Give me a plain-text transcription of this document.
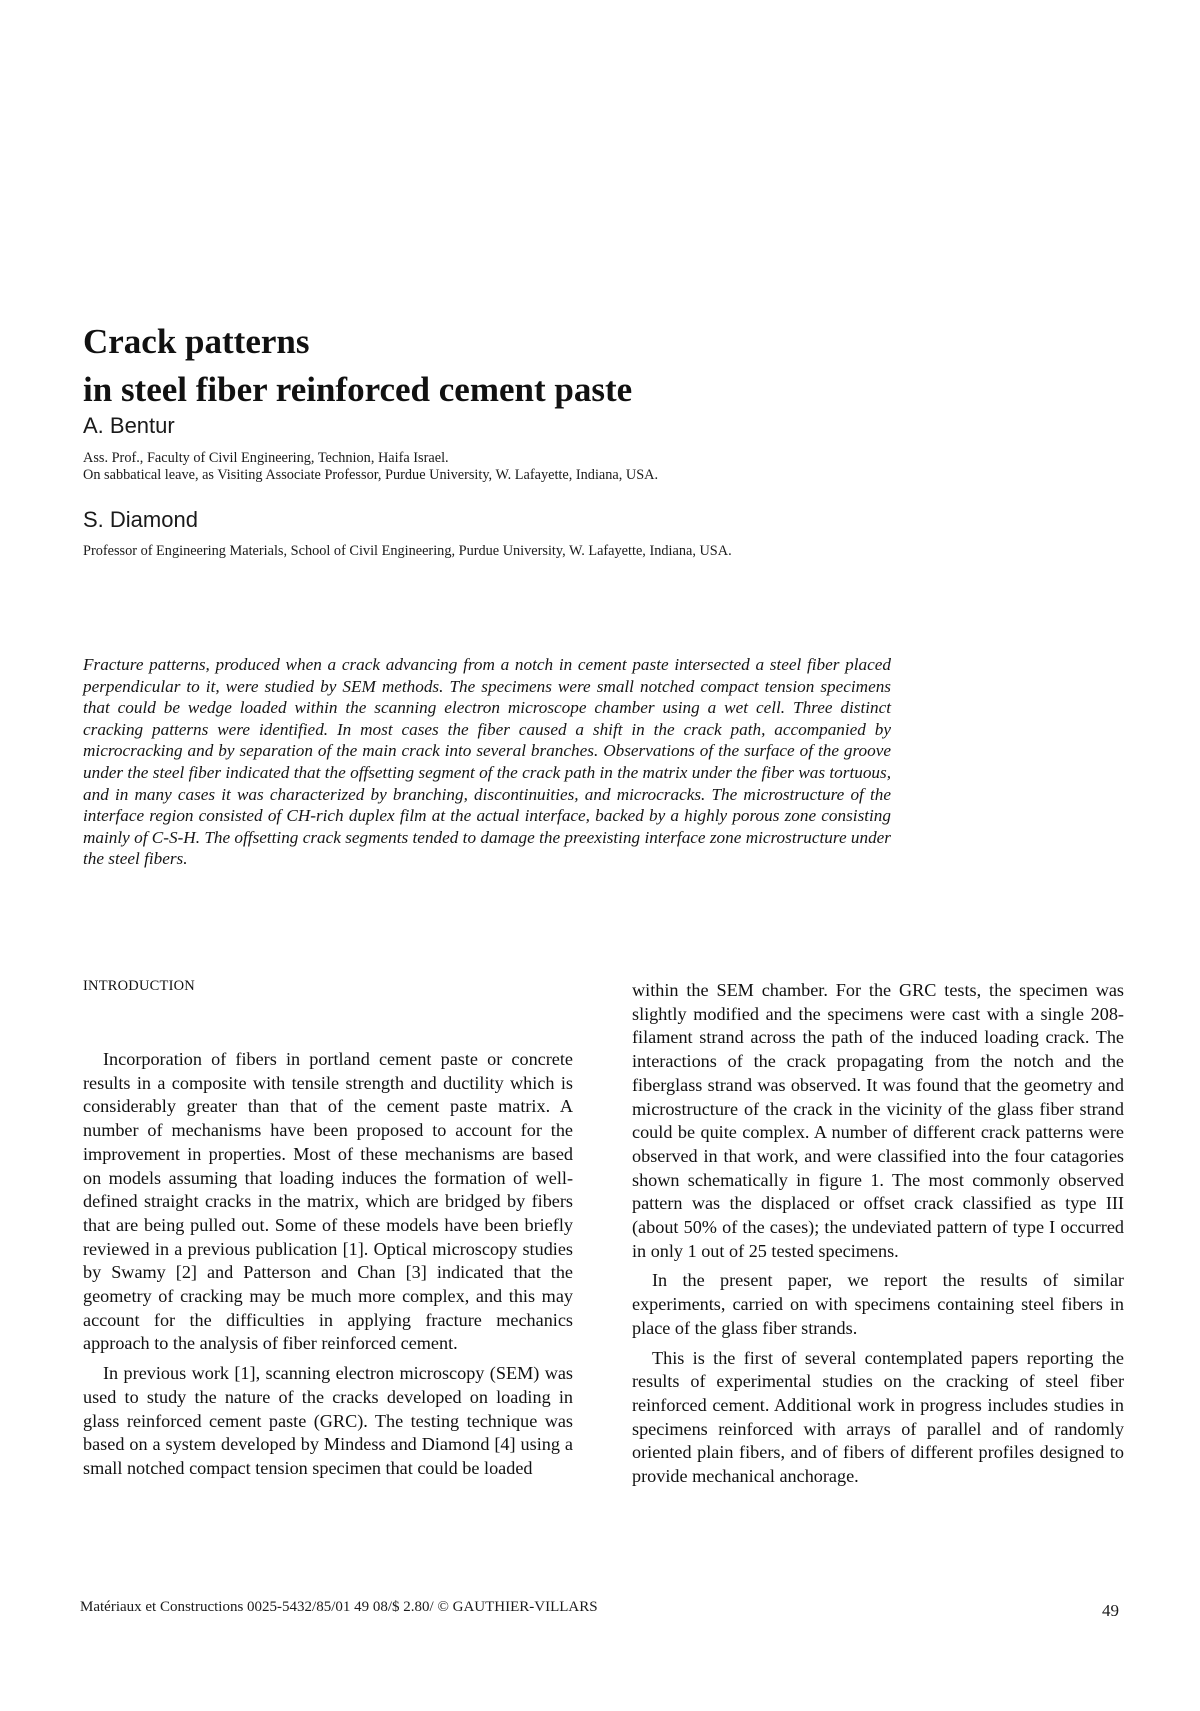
Crack patterns
in steel fiber reinforced cement paste
A. Bentur
Ass. Prof., Faculty of Civil Engineering, Technion, Haifa Israel.
On sabbatical leave, as Visiting Associate Professor, Purdue University, W. Lafayette, Indiana, USA.
S. Diamond
Professor of Engineering Materials, School of Civil Engineering, Purdue University, W. Lafayette, Indiana, USA.
Fracture patterns, produced when a crack advancing from a notch in cement paste intersected a steel fiber placed perpendicular to it, were studied by SEM methods. The specimens were small notched compact tension specimens that could be wedge loaded within the scanning electron microscope chamber using a wet cell. Three distinct cracking patterns were identified. In most cases the fiber caused a shift in the crack path, accompanied by microcracking and by separation of the main crack into several branches. Observations of the surface of the groove under the steel fiber indicated that the offsetting segment of the crack path in the matrix under the fiber was tortuous, and in many cases it was characterized by branching, discontinuities, and microcracks. The microstructure of the interface region consisted of CH-rich duplex film at the actual interface, backed by a highly porous zone consisting mainly of C-S-H. The offsetting crack segments tended to damage the preexisting interface zone microstructure under the steel fibers.
INTRODUCTION

Incorporation of fibers in portland cement paste or concrete results in a composite with tensile strength and ductility which is considerably greater than that of the cement paste matrix. A number of mechanisms have been proposed to account for the improvement in properties. Most of these mechanisms are based on models assuming that loading induces the formation of well-defined straight cracks in the matrix, which are bridged by fibers that are being pulled out. Some of these models have been briefly reviewed in a previous publication [1]. Optical microscopy studies by Swamy [2] and Patterson and Chan [3] indicated that the geometry of cracking may be much more complex, and this may account for the difficulties in applying fracture mechanics approach to the analysis of fiber reinforced cement.

In previous work [1], scanning electron microscopy (SEM) was used to study the nature of the cracks developed on loading in glass reinforced cement paste (GRC). The testing technique was based on a system developed by Mindess and Diamond [4] using a small notched compact tension specimen that could be loaded

within the SEM chamber. For the GRC tests, the specimen was slightly modified and the specimens were cast with a single 208-filament strand across the path of the induced loading crack. The interactions of the crack propagating from the notch and the fiberglass strand was observed. It was found that the geometry and microstructure of the crack in the vicinity of the glass fiber strand could be quite complex. A number of different crack patterns were observed in that work, and were classified into the four catagories shown schematically in figure 1. The most commonly observed pattern was the displaced or offset crack classified as type III (about 50% of the cases); the undeviated pattern of type I occurred in only 1 out of 25 tested specimens.

In the present paper, we report the results of similar experiments, carried on with specimens containing steel fibers in place of the glass fiber strands.

This is the first of several contemplated papers reporting the results of experimental studies on the cracking of steel fiber reinforced cement. Additional work in progress includes studies in specimens reinforced with arrays of parallel and of randomly oriented plain fibers, and of fibers of different profiles designed to provide mechanical anchorage.

Matériaux et Constructions 0025-5432/85/01 49 08/$ 2.80/ © GAUTHIER-VILLARS	49
